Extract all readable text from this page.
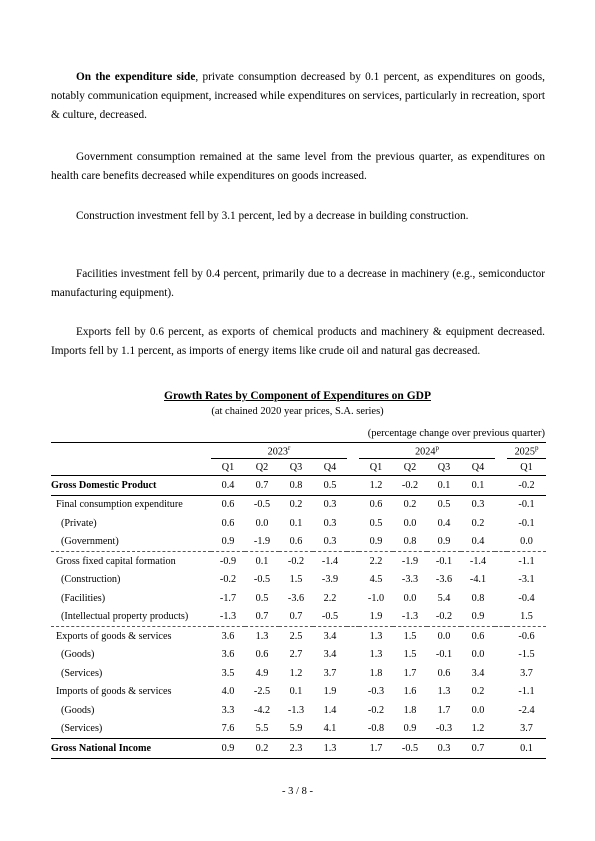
On the expenditure side, private consumption decreased by 0.1 percent, as expenditures on goods, notably communication equipment, increased while expenditures on services, particularly in recreation, sport & culture, decreased.

Government consumption remained at the same level from the previous quarter, as expenditures on health care benefits decreased while expenditures on goods increased.

Construction investment fell by 3.1 percent, led by a decrease in building construction.

Facilities investment fell by 0.4 percent, primarily due to a decrease in machinery (e.g., semiconductor manufacturing equipment).

Exports fell by 0.6 percent, as exports of chemical products and machinery & equipment decreased. Imports fell by 1.1 percent, as imports of energy items like crude oil and natural gas decreased.

Growth Rates by Component of Expenditures on GDP
(at chained 2020 year prices, S.A. series)
(percentage change over previous quarter)
	2023$^r$					2024$^p$					2025$^p$
	Q1	Q2	Q3	Q4		Q1	Q2	Q3	Q4		Q1
Gross Domestic Product	0.4	0.7	0.8	0.5		1.2	-0.2	0.1	0.1		-0.2
Final consumption expenditure	0.6	-0.5	0.2	0.3		0.6	0.2	0.5	0.3		-0.1
(Private)	0.6	0.0	0.1	0.3		0.5	0.0	0.4	0.2		-0.1
(Government)	0.9	-1.9	0.6	0.3		0.9	0.8	0.9	0.4		0.0
Gross fixed capital formation	-0.9	0.1	-0.2	-1.4		2.2	-1.9	-0.1	-1.4		-1.1
(Construction)	-0.2	-0.5	1.5	-3.9		4.5	-3.3	-3.6	-4.1		-3.1
(Facilities)	-1.7	0.5	-3.6	2.2		-1.0	0.0	5.4	0.8		-0.4
(Intellectual property products)	-1.3	0.7	0.7	-0.5		1.9	-1.3	-0.2	0.9		1.5
Exports of goods & services	3.6	1.3	2.5	3.4		1.3	1.5	0.0	0.6		-0.6
(Goods)	3.6	0.6	2.7	3.4		1.3	1.5	-0.1	0.0		-1.5
(Services)	3.5	4.9	1.2	3.7		1.8	1.7	0.6	3.4		3.7
Imports of goods & services	4.0	-2.5	0.1	1.9		-0.3	1.6	1.3	0.2		-1.1
(Goods)	3.3	-4.2	-1.3	1.4		-0.2	1.8	1.7	0.0		-2.4
(Services)	7.6	5.5	5.9	4.1		-0.8	0.9	-0.3	1.2		3.7
Gross National Income	0.9	0.2	2.3	1.3		1.7	-0.5	0.3	0.7		0.1
- 3 / 8 -
